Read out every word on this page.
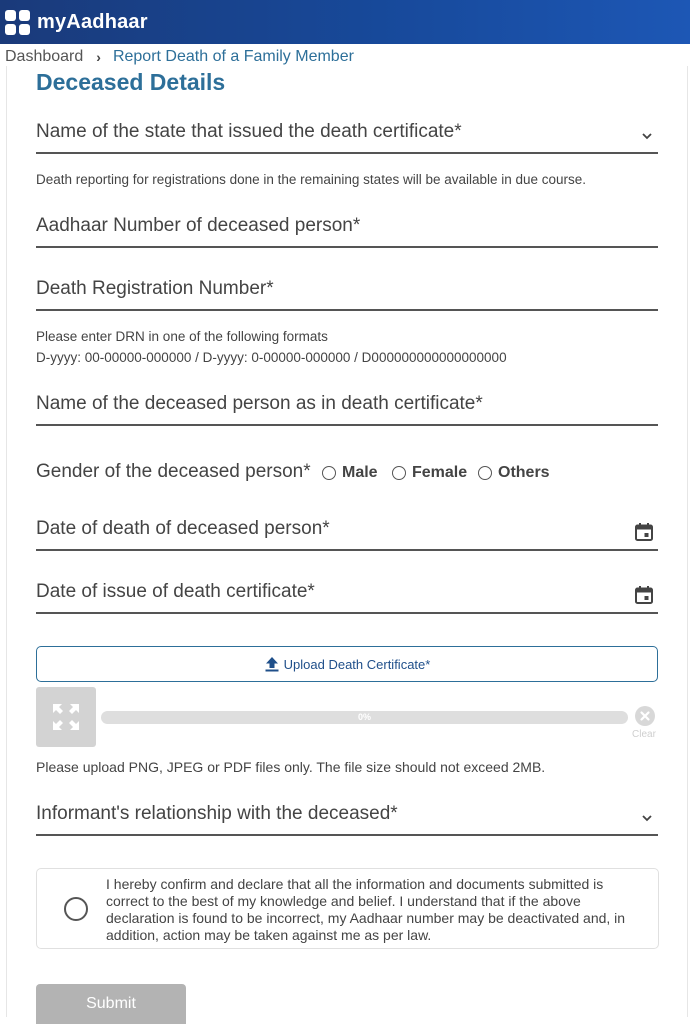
myAadhaar
Dashboard › Report Death of a Family Member
Deceased Details
Name of the state that issued the death certificate*
Death reporting for registrations done in the remaining states will be available in due course.
Aadhaar Number of deceased person*
Death Registration Number*
Please enter DRN in one of the following formats
D-yyyy: 00-00000-000000 / D-yyyy: 0-00000-000000 / D000000000000000000
Name of the deceased person as in death certificate*
Gender of the deceased person* Male Female Others
Date of death of deceased person*
Date of issue of death certificate*
Upload Death Certificate*
0%
Clear
Please upload PNG, JPEG or PDF files only. The file size should not exceed 2MB.
Informant's relationship with the deceased*
I hereby confirm and declare that all the information and documents submitted is correct to the best of my knowledge and belief. I understand that if the above declaration is found to be incorrect, my Aadhaar number may be deactivated and, in addition, action may be taken against me as per law.
Submit
